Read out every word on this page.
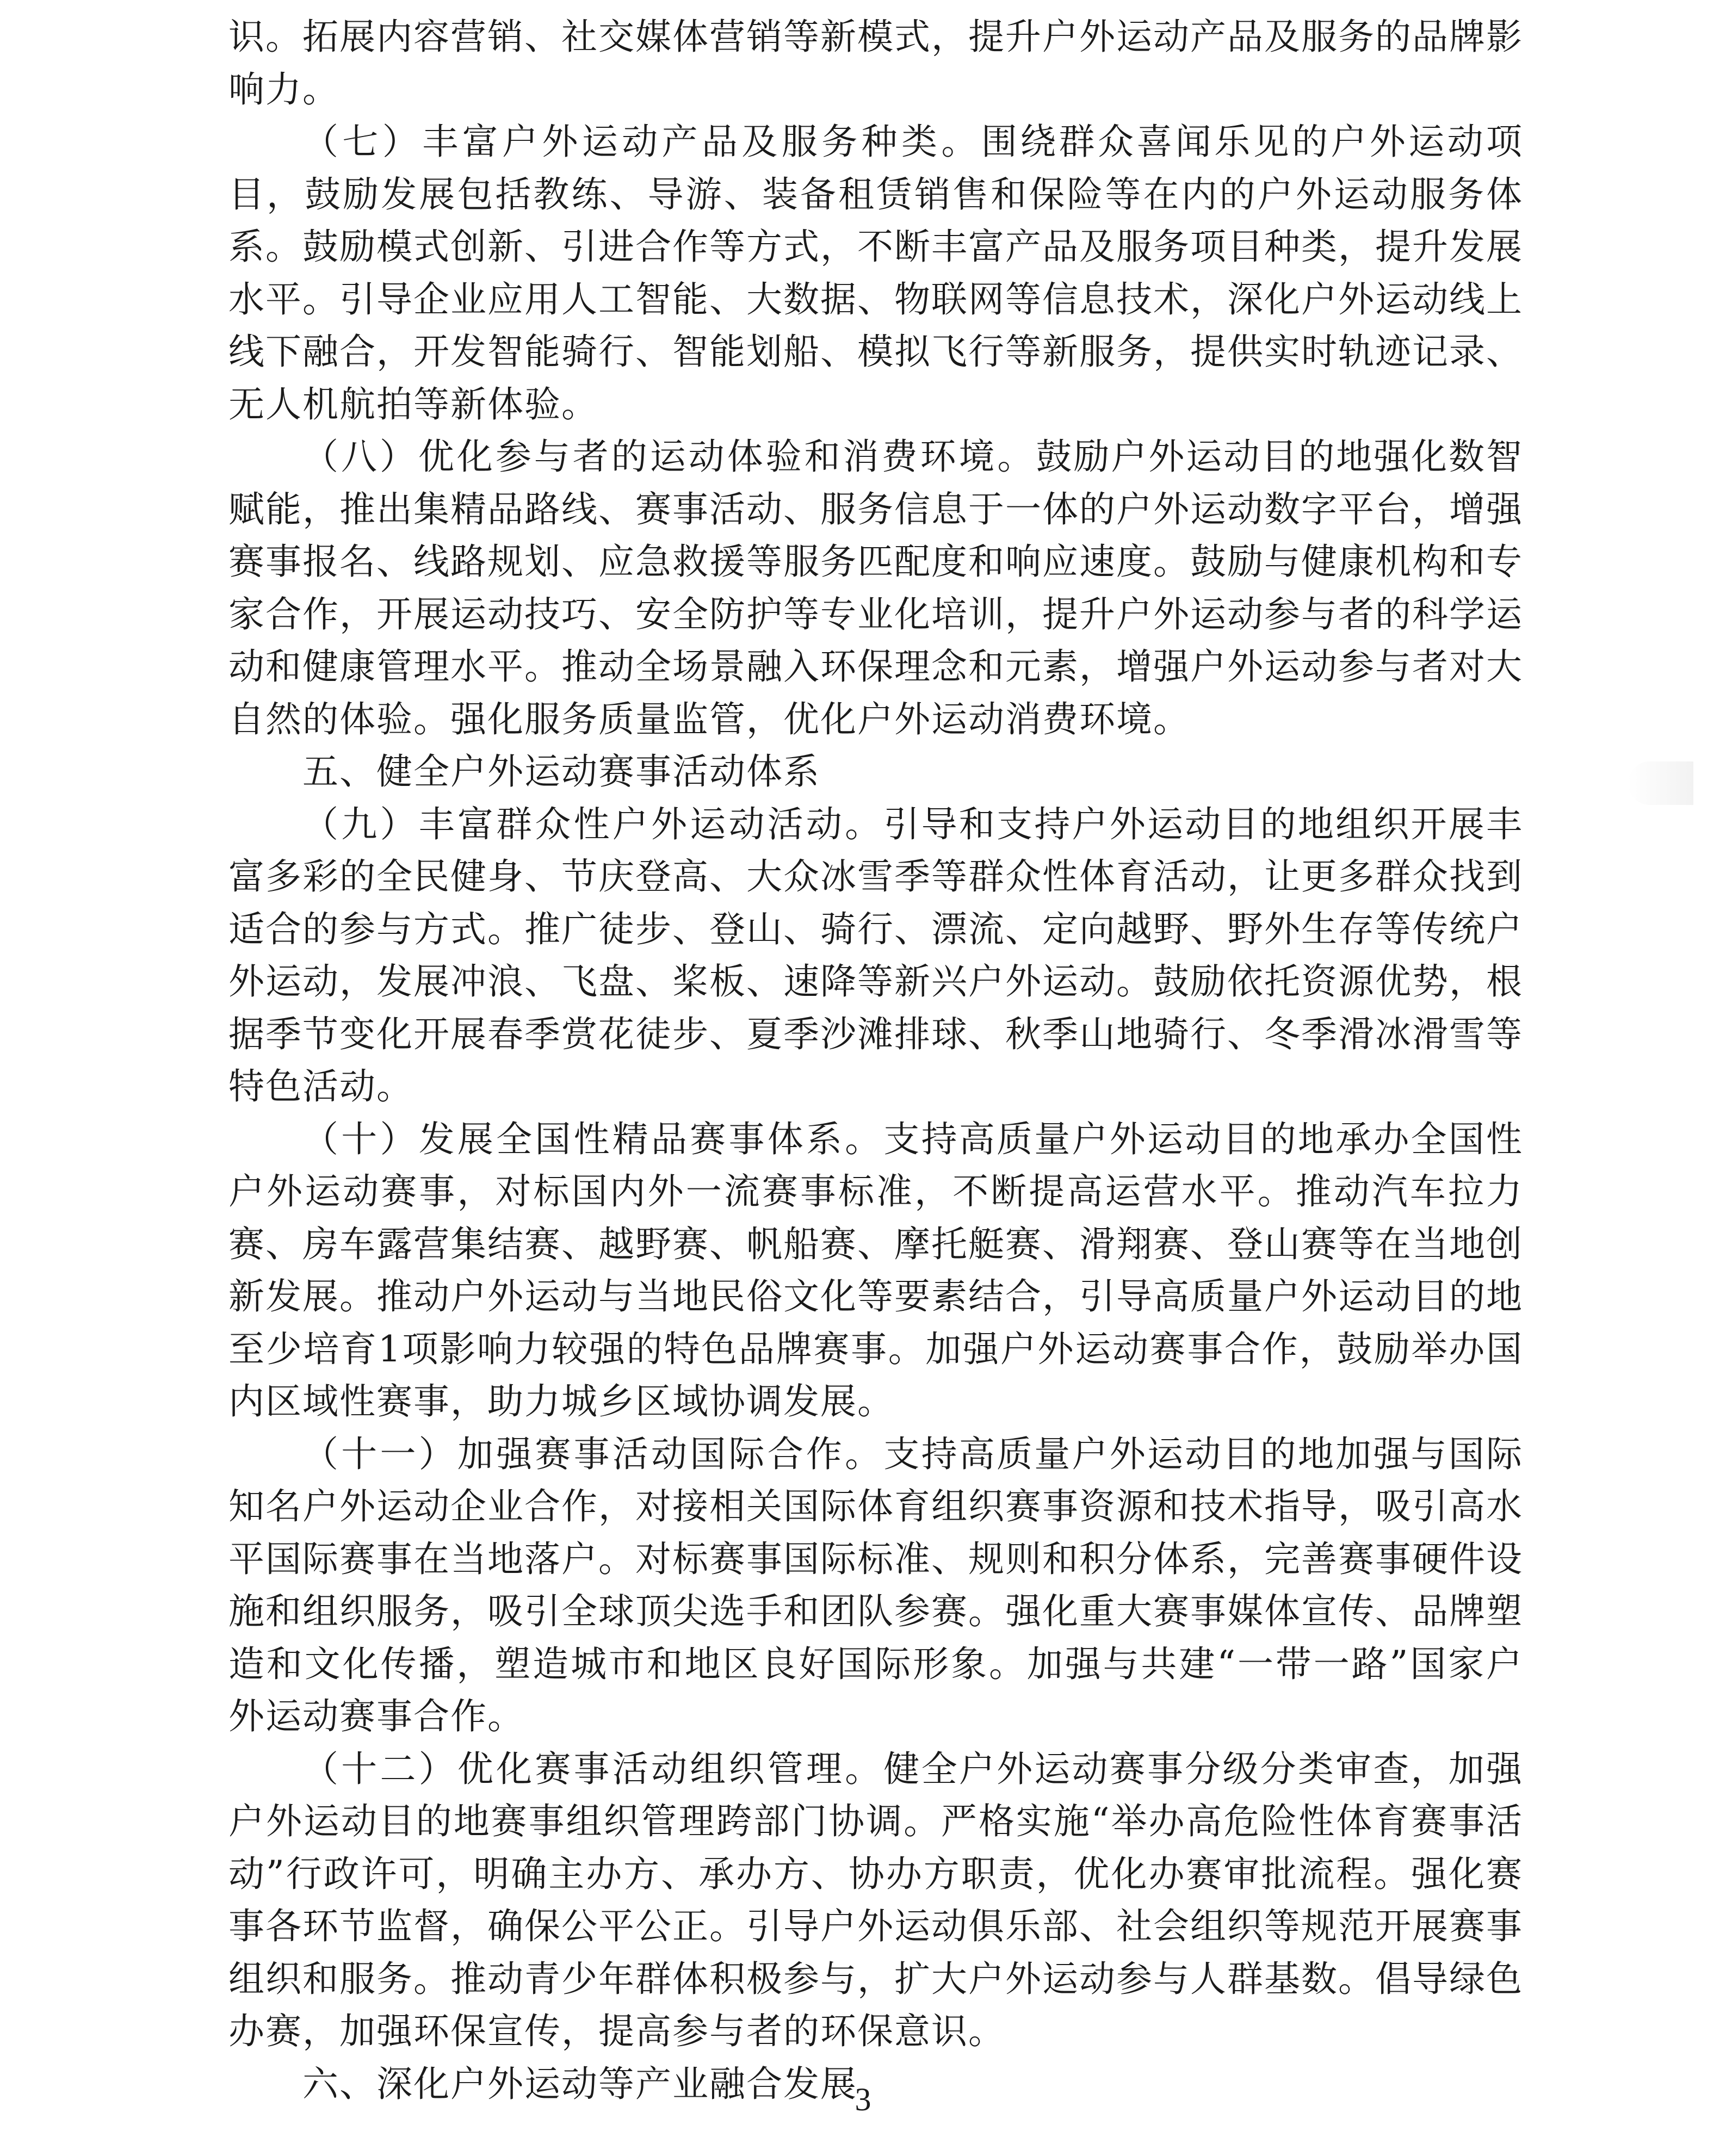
识。拓展内容营销、社交媒体营销等新模式，提升户外运动产品及服务的品牌影响力。

（七）丰富户外运动产品及服务种类。围绕群众喜闻乐见的户外运动项目，鼓励发展包括教练、导游、装备租赁销售和保险等在内的户外运动服务体系。鼓励模式创新、引进合作等方式，不断丰富产品及服务项目种类，提升发展水平。引导企业应用人工智能、大数据、物联网等信息技术，深化户外运动线上线下融合，开发智能骑行、智能划船、模拟飞行等新服务，提供实时轨迹记录、无人机航拍等新体验。

（八）优化参与者的运动体验和消费环境。鼓励户外运动目的地强化数智赋能，推出集精品路线、赛事活动、服务信息于一体的户外运动数字平台，增强赛事报名、线路规划、应急救援等服务匹配度和响应速度。鼓励与健康机构和专家合作，开展运动技巧、安全防护等专业化培训，提升户外运动参与者的科学运动和健康管理水平。推动全场景融入环保理念和元素，增强户外运动参与者对大自然的体验。强化服务质量监管，优化户外运动消费环境。

五、健全户外运动赛事活动体系

（九）丰富群众性户外运动活动。引导和支持户外运动目的地组织开展丰富多彩的全民健身、节庆登高、大众冰雪季等群众性体育活动，让更多群众找到适合的参与方式。推广徒步、登山、骑行、漂流、定向越野、野外生存等传统户外运动，发展冲浪、飞盘、桨板、速降等新兴户外运动。鼓励依托资源优势，根据季节变化开展春季赏花徒步、夏季沙滩排球、秋季山地骑行、冬季滑冰滑雪等特色活动。

（十）发展全国性精品赛事体系。支持高质量户外运动目的地承办全国性户外运动赛事，对标国内外一流赛事标准，不断提高运营水平。推动汽车拉力赛、房车露营集结赛、越野赛、帆船赛、摩托艇赛、滑翔赛、登山赛等在当地创新发展。推动户外运动与当地民俗文化等要素结合，引导高质量户外运动目的地至少培育1项影响力较强的特色品牌赛事。加强户外运动赛事合作，鼓励举办国内区域性赛事，助力城乡区域协调发展。

（十一）加强赛事活动国际合作。支持高质量户外运动目的地加强与国际知名户外运动企业合作，对接相关国际体育组织赛事资源和技术指导，吸引高水平国际赛事在当地落户。对标赛事国际标准、规则和积分体系，完善赛事硬件设施和组织服务，吸引全球顶尖选手和团队参赛。强化重大赛事媒体宣传、品牌塑造和文化传播，塑造城市和地区良好国际形象。加强与共建“一带一路”国家户外运动赛事合作。

（十二）优化赛事活动组织管理。健全户外运动赛事分级分类审查，加强户外运动目的地赛事组织管理跨部门协调。严格实施“举办高危险性体育赛事活动”行政许可，明确主办方、承办方、协办方职责，优化办赛审批流程。强化赛事各环节监督，确保公平公正。引导户外运动俱乐部、社会组织等规范开展赛事组织和服务。推动青少年群体积极参与，扩大户外运动参与人群基数。倡导绿色办赛，加强环保宣传，提高参与者的环保意识。

六、深化户外运动等产业融合发展

3
